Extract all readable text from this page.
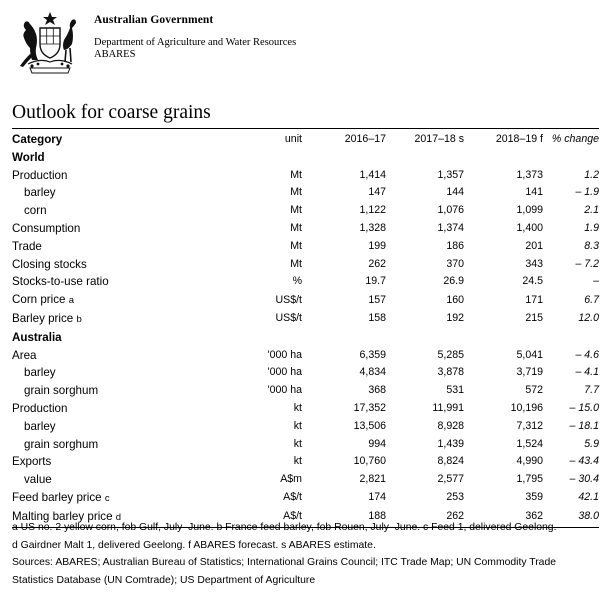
Australian Government
Department of Agriculture and Water Resources
ABARES
Outlook for coarse grains
Category	unit	2016–17	2017–18 s	2018–19 f	% change
World					
Production	Mt	1,414	1,357	1,373	1.2
barley	Mt	147	144	141	– 1.9
corn	Mt	1,122	1,076	1,099	2.1
Consumption	Mt	1,328	1,374	1,400	1.9
Trade	Mt	199	186	201	8.3
Closing stocks	Mt	262	370	343	– 7.2
Stocks-to-use ratio	%	19.7	26.9	24.5	–
Corn price a	US$/t	157	160	171	6.7
Barley price b	US$/t	158	192	215	12.0
Australia					
Area	'000 ha	6,359	5,285	5,041	– 4.6
barley	'000 ha	4,834	3,878	3,719	– 4.1
grain sorghum	'000 ha	368	531	572	7.7
Production	kt	17,352	11,991	10,196	– 15.0
barley	kt	13,506	8,928	7,312	– 18.1
grain sorghum	kt	994	1,439	1,524	5.9
Exports	kt	10,760	8,824	4,990	– 43.4
value	A$m	2,821	2,577	1,795	– 30.4
Feed barley price c	A$/t	174	253	359	42.1
Malting barley price d	A$/t	188	262	362	38.0
a US no. 2 yellow corn, fob Gulf, July–June. b France feed barley, fob Rouen, July–June. c Feed 1, delivered Geelong.
d Gairdner Malt 1, delivered Geelong. f ABARES forecast. s ABARES estimate.
Sources: ABARES; Australian Bureau of Statistics; International Grains Council; ITC Trade Map; UN Commodity Trade
Statistics Database (UN Comtrade); US Department of Agriculture
